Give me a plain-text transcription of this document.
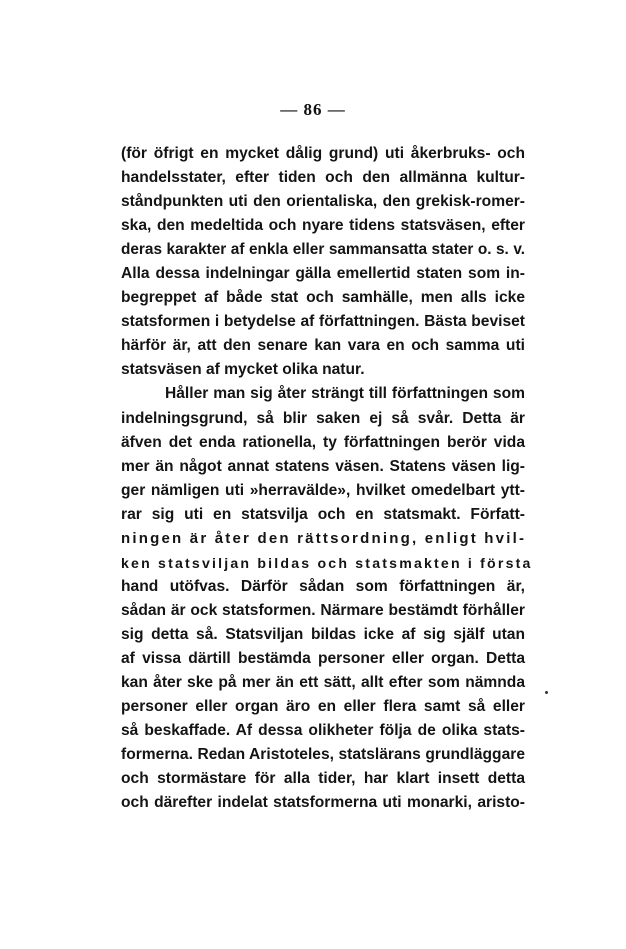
— 86 —
(för öfrigt en mycket dålig grund) uti åkerbruks- och
handelsstater, efter tiden och den allmänna kultur-
ståndpunkten uti den orientaliska, den grekisk-romer-
ska, den medeltida och nyare tidens statsväsen, efter
deras karakter af enkla eller sammansatta stater o. s. v.
Alla dessa indelningar gälla emellertid staten som in-
begreppet af både stat och samhälle, men alls icke
statsformen i betydelse af författningen. Bästa beviset
härför är, att den senare kan vara en och samma uti
statsväsen af mycket olika natur.
Håller man sig åter strängt till författningen som
indelningsgrund, så blir saken ej så svår. Detta är
äfven det enda rationella, ty författningen berör vida
mer än något annat statens väsen. Statens väsen lig-
ger nämligen uti »herravälde», hvilket omedelbart ytt-
rar sig uti en statsvilja och en statsmakt. Författ-
ningen är åter den rättsordning, enligt hvil-
ken statsviljan bildas och statsmakten i första
hand utöfvas. Därför sådan som författningen är,
sådan är ock statsformen. Närmare bestämdt förhåller
sig detta så. Statsviljan bildas icke af sig själf utan
af vissa därtill bestämda personer eller organ. Detta
kan åter ske på mer än ett sätt, allt efter som nämnda
personer eller organ äro en eller flera samt så eller
så beskaffade. Af dessa olikheter följa de olika stats-
formerna. Redan Aristoteles, statslärans grundläggare
och stormästare för alla tider, har klart insett detta
och därefter indelat statsformerna uti monarki, aristo-
